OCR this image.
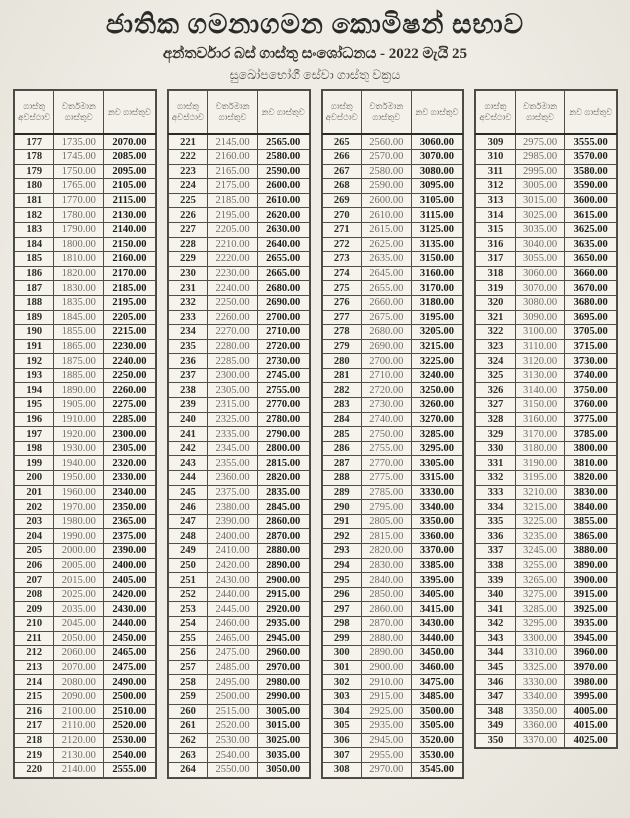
ජාතික ගමනාගමන කොමිෂන් සභාව
අන්තර්වාර බස් ගාස්තු සංශෝධනය - 2022 මැයි 25
සුඛෝපභෝගී සේවා ගාස්තු වක්‍රය
ගාස්තු අවස්ථාව	වර්තමාන ගාස්තුව	නව ගාස්තුව
177	1735.00	2070.00
178	1745.00	2085.00
179	1750.00	2095.00
180	1765.00	2105.00
181	1770.00	2115.00
182	1780.00	2130.00
183	1790.00	2140.00
184	1800.00	2150.00
185	1810.00	2160.00
186	1820.00	2170.00
187	1830.00	2185.00
188	1835.00	2195.00
189	1845.00	2205.00
190	1855.00	2215.00
191	1865.00	2230.00
192	1875.00	2240.00
193	1885.00	2250.00
194	1890.00	2260.00
195	1905.00	2275.00
196	1910.00	2285.00
197	1920.00	2300.00
198	1930.00	2305.00
199	1940.00	2320.00
200	1950.00	2330.00
201	1960.00	2340.00
202	1970.00	2350.00
203	1980.00	2365.00
204	1990.00	2375.00
205	2000.00	2390.00
206	2005.00	2400.00
207	2015.00	2405.00
208	2025.00	2420.00
209	2035.00	2430.00
210	2045.00	2440.00
211	2050.00	2450.00
212	2060.00	2465.00
213	2070.00	2475.00
214	2080.00	2490.00
215	2090.00	2500.00
216	2100.00	2510.00
217	2110.00	2520.00
218	2120.00	2530.00
219	2130.00	2540.00
220	2140.00	2555.00
ගාස්තු අවස්ථාව	වර්තමාන ගාස්තුව	නව ගාස්තුව
221	2145.00	2565.00
222	2160.00	2580.00
223	2165.00	2590.00
224	2175.00	2600.00
225	2185.00	2610.00
226	2195.00	2620.00
227	2205.00	2630.00
228	2210.00	2640.00
229	2220.00	2655.00
230	2230.00	2665.00
231	2240.00	2680.00
232	2250.00	2690.00
233	2260.00	2700.00
234	2270.00	2710.00
235	2280.00	2720.00
236	2285.00	2730.00
237	2300.00	2745.00
238	2305.00	2755.00
239	2315.00	2770.00
240	2325.00	2780.00
241	2335.00	2790.00
242	2345.00	2800.00
243	2355.00	2815.00
244	2360.00	2820.00
245	2375.00	2835.00
246	2380.00	2845.00
247	2390.00	2860.00
248	2400.00	2870.00
249	2410.00	2880.00
250	2420.00	2890.00
251	2430.00	2900.00
252	2440.00	2915.00
253	2445.00	2920.00
254	2460.00	2935.00
255	2465.00	2945.00
256	2475.00	2960.00
257	2485.00	2970.00
258	2495.00	2980.00
259	2500.00	2990.00
260	2515.00	3005.00
261	2520.00	3015.00
262	2530.00	3025.00
263	2540.00	3035.00
264	2550.00	3050.00
ගාස්තු අවස්ථාව	වර්තමාන ගාස්තුව	නව ගාස්තුව
265	2560.00	3060.00
266	2570.00	3070.00
267	2580.00	3080.00
268	2590.00	3095.00
269	2600.00	3105.00
270	2610.00	3115.00
271	2615.00	3125.00
272	2625.00	3135.00
273	2635.00	3150.00
274	2645.00	3160.00
275	2655.00	3170.00
276	2660.00	3180.00
277	2675.00	3195.00
278	2680.00	3205.00
279	2690.00	3215.00
280	2700.00	3225.00
281	2710.00	3240.00
282	2720.00	3250.00
283	2730.00	3260.00
284	2740.00	3270.00
285	2750.00	3285.00
286	2755.00	3295.00
287	2770.00	3305.00
288	2775.00	3315.00
289	2785.00	3330.00
290	2795.00	3340.00
291	2805.00	3350.00
292	2815.00	3360.00
293	2820.00	3370.00
294	2830.00	3385.00
295	2840.00	3395.00
296	2850.00	3405.00
297	2860.00	3415.00
298	2870.00	3430.00
299	2880.00	3440.00
300	2890.00	3450.00
301	2900.00	3460.00
302	2910.00	3475.00
303	2915.00	3485.00
304	2925.00	3500.00
305	2935.00	3505.00
306	2945.00	3520.00
307	2955.00	3530.00
308	2970.00	3545.00
ගාස්තු අවස්ථාව	වර්තමාන ගාස්තුව	නව ගාස්තුව
309	2975.00	3555.00
310	2985.00	3570.00
311	2995.00	3580.00
312	3005.00	3590.00
313	3015.00	3600.00
314	3025.00	3615.00
315	3035.00	3625.00
316	3040.00	3635.00
317	3055.00	3650.00
318	3060.00	3660.00
319	3070.00	3670.00
320	3080.00	3680.00
321	3090.00	3695.00
322	3100.00	3705.00
323	3110.00	3715.00
324	3120.00	3730.00
325	3130.00	3740.00
326	3140.00	3750.00
327	3150.00	3760.00
328	3160.00	3775.00
329	3170.00	3785.00
330	3180.00	3800.00
331	3190.00	3810.00
332	3195.00	3820.00
333	3210.00	3830.00
334	3215.00	3840.00
335	3225.00	3855.00
336	3235.00	3865.00
337	3245.00	3880.00
338	3255.00	3890.00
339	3265.00	3900.00
340	3275.00	3915.00
341	3285.00	3925.00
342	3295.00	3935.00
343	3300.00	3945.00
344	3310.00	3960.00
345	3325.00	3970.00
346	3330.00	3980.00
347	3340.00	3995.00
348	3350.00	4005.00
349	3360.00	4015.00
350	3370.00	4025.00
